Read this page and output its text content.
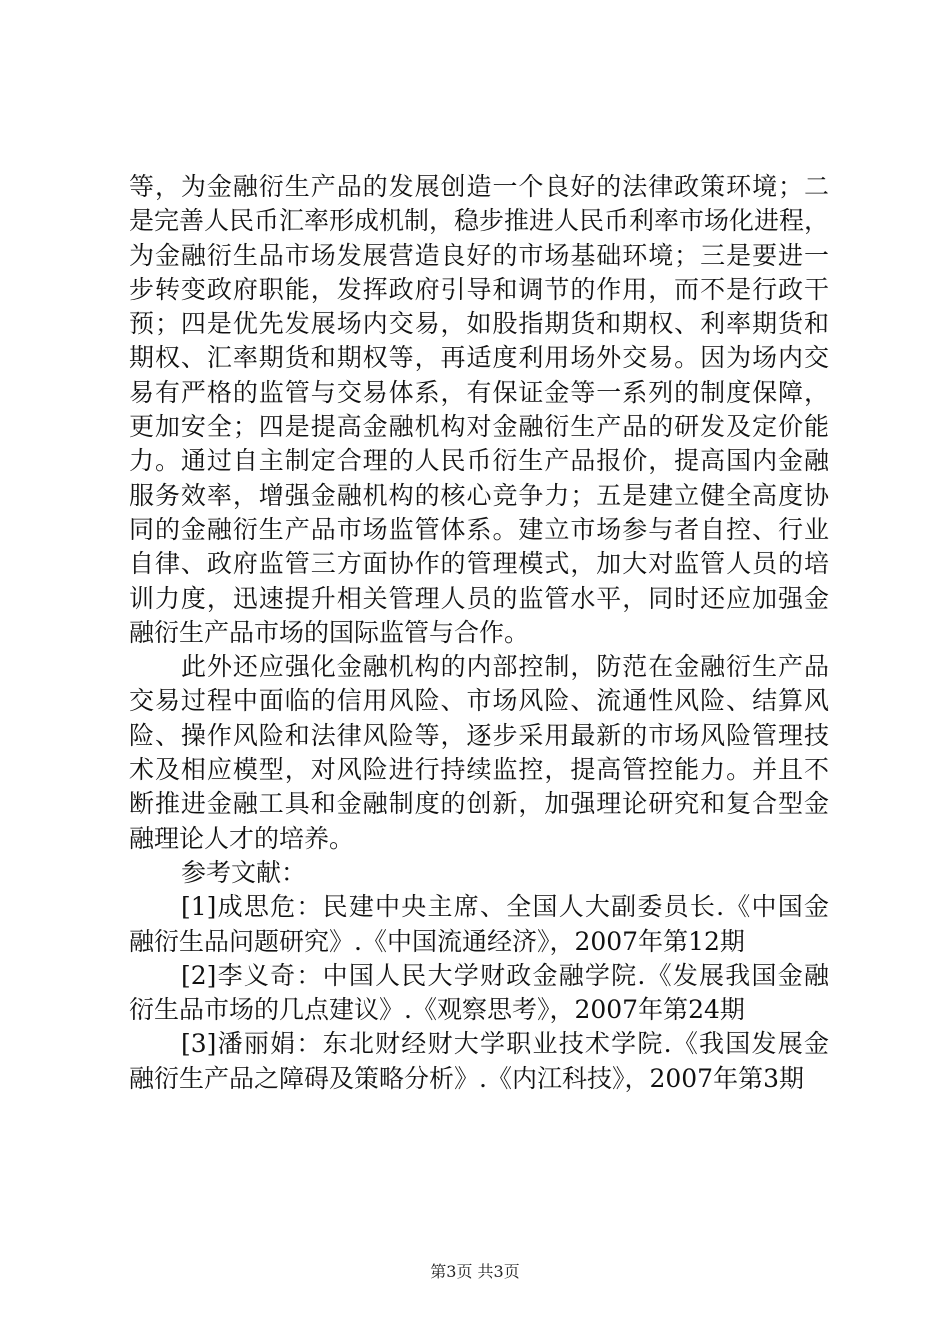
等，为金融衍生产品的发展创造一个良好的法律政策环境；二
是完善人民币汇率形成机制，稳步推进人民币利率市场化进程，
为金融衍生品市场发展营造良好的市场基础环境；三是要进一
步转变政府职能，发挥政府引导和调节的作用，而不是行政干
预；四是优先发展场内交易，如股指期货和期权、利率期货和
期权、汇率期货和期权等，再适度利用场外交易。因为场内交
易有严格的监管与交易体系，有保证金等一系列的制度保障，
更加安全；四是提高金融机构对金融衍生产品的研发及定价能
力。通过自主制定合理的人民币衍生产品报价，提高国内金融
服务效率，增强金融机构的核心竞争力；五是建立健全高度协
同的金融衍生产品市场监管体系。建立市场参与者自控、行业
自律、政府监管三方面协作的管理模式，加大对监管人员的培
训力度，迅速提升相关管理人员的监管水平，同时还应加强金
融衍生产品市场的国际监管与合作。
此外还应强化金融机构的内部控制，防范在金融衍生产品
交易过程中面临的信用风险、市场风险、流通性风险、结算风
险、操作风险和法律风险等，逐步采用最新的市场风险管理技
术及相应模型，对风险进行持续监控，提高管控能力。并且不
断推进金融工具和金融制度的创新，加强理论研究和复合型金
融理论人才的培养。
参考文献：
[1]成思危：民建中央主席、全国人大副委员长.《中国金
融衍生品问题研究》.《中国流通经济》，2007年第12期
[2]李义奇：中国人民大学财政金融学院.《发展我国金融
衍生品市场的几点建议》.《观察思考》，2007年第24期
[3]潘丽娟：东北财经财大学职业技术学院.《我国发展金
融衍生产品之障碍及策略分析》.《内江科技》，2007年第3期
第3页 共3页
